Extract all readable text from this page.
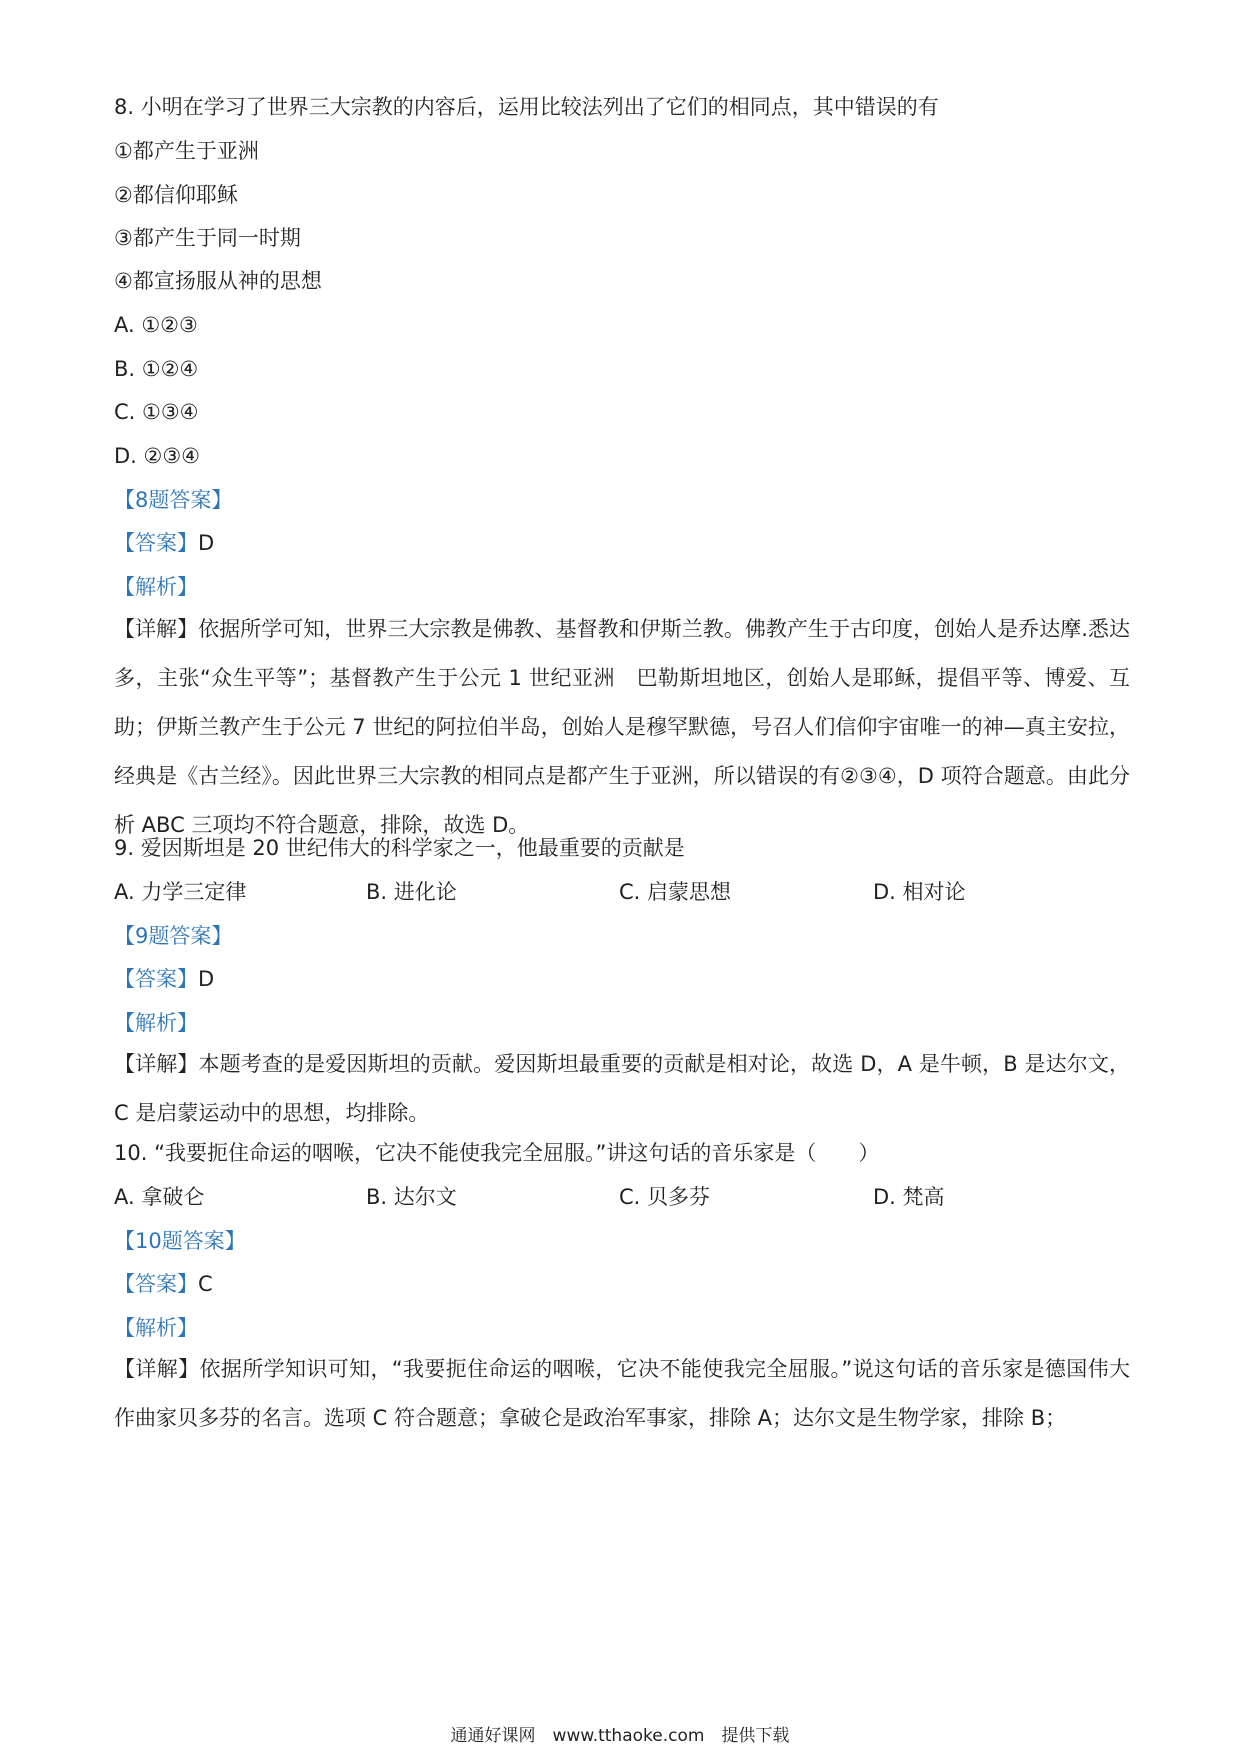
8. 小明在学习了世界三大宗教的内容后，运用比较法列出了它们的相同点，其中错误的有
①都产生于亚洲
②都信仰耶稣
③都产生于同一时期
④都宣扬服从神的思想
A. ①②③
B. ①②④
C. ①③④
D. ②③④
【8题答案】
【答案】D
【解析】
【详解】依据所学可知，世界三大宗教是佛教、基督教和伊斯兰教。佛教产生于古印度，创始人是乔达摩.悉达多，主张“众生平等”；基督教产生于公元 1 世纪亚洲　巴勒斯坦地区，创始人是耶稣，提倡平等、博爱、互助；伊斯兰教产生于公元 7 世纪的阿拉伯半岛，创始人是穆罕默德，号召人们信仰宇宙唯一的神—真主安拉，经典是《古兰经》。因此世界三大宗教的相同点是都产生于亚洲，所以错误的有②③④，D 项符合题意。由此分析 ABC 三项均不符合题意，排除，故选 D。
9. 爱因斯坦是 20 世纪伟大的科学家之一，他最重要的贡献是
A. 力学三定律	B. 进化论	C. 启蒙思想	D. 相对论
【9题答案】
【答案】D
【解析】
【详解】本题考查的是爱因斯坦的贡献。爱因斯坦最重要的贡献是相对论，故选 D，A 是牛顿，B 是达尔文，C 是启蒙运动中的思想，均排除。
10. “我要扼住命运的咽喉，它决不能使我完全屈服。”讲这句话的音乐家是（　　）
A. 拿破仑	B. 达尔文	C. 贝多芬	D. 梵高
【10题答案】
【答案】C
【解析】
【详解】依据所学知识可知，“我要扼住命运的咽喉，它决不能使我完全屈服。”说这句话的音乐家是德国伟大作曲家贝多芬的名言。选项 C 符合题意；拿破仑是政治军事家，排除 A；达尔文是生物学家，排除 B；
通通好课网　www.tthaoke.com　提供下载
